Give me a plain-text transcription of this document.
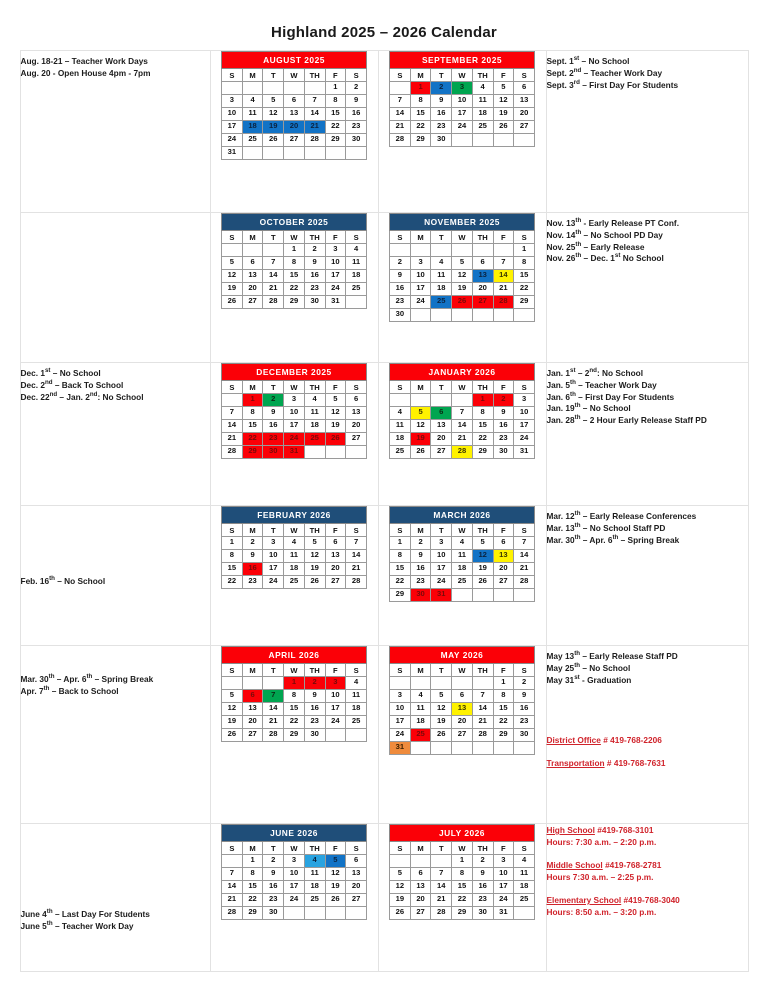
Highland 2025 – 2026 Calendar
Aug. 18-21 – Teacher Work Days
Aug. 20 - Open House 4pm - 7pm

AUGUST 2025
S	M	T	W	TH	F	S
					1	2
3	4	5	6	7	8	9
10	11	12	13	14	15	16
17	18	19	20	21	22	23
24	25	26	27	28	29	30
31						

SEPTEMBER 2025
S	M	T	W	TH	F	S
	1	2	3	4	5	6
7	8	9	10	11	12	13
14	15	16	17	18	19	20
21	22	23	24	25	26	27
28	29	30				

Sept. 1st – No School
Sept. 2nd – Teacher Work Day
Sept. 3rd – First Day For Students

OCTOBER 2025
S	M	T	W	TH	F	S
			1	2	3	4
5	6	7	8	9	10	11
12	13	14	15	16	17	18
19	20	21	22	23	24	25
26	27	28	29	30	31	

NOVEMBER 2025
S	M	T	W	TH	F	S
						1
2	3	4	5	6	7	8
9	10	11	12	13	14	15
16	17	18	19	20	21	22
23	24	25	26	27	28	29
30						

Nov. 13th - Early Release PT Conf.
Nov. 14th – No School PD Day
Nov. 25th – Early Release
Nov. 26th – Dec. 1st No School

Dec. 1st – No School
Dec. 2nd – Back To School
Dec. 22nd – Jan. 2nd: No School

DECEMBER 2025
S	M	T	W	TH	F	S
	1	2	3	4	5	6
7	8	9	10	11	12	13
14	15	16	17	18	19	20
21	22	23	24	25	26	27
28	29	30	31			

JANUARY 2026
S	M	T	W	TH	F	S
				1	2	3
4	5	6	7	8	9	10
11	12	13	14	15	16	17
18	19	20	21	22	23	24
25	26	27	28	29	30	31

Jan. 1st – 2nd: No School
Jan. 5th – Teacher Work Day
Jan. 6th – First Day For Students
Jan. 19th – No School
Jan. 28th – 2 Hour Early Release Staff PD

Feb. 16th – No School

FEBRUARY 2026
S	M	T	W	TH	F	S
1	2	3	4	5	6	7
8	9	10	11	12	13	14
15	16	17	18	19	20	21
22	23	24	25	26	27	28

MARCH 2026
S	M	T	W	TH	F	S
1	2	3	4	5	6	7
8	9	10	11	12	13	14
15	16	17	18	19	20	21
22	23	24	25	26	27	28
29	30	31				

Mar. 12th – Early Release Conferences
Mar. 13th – No School Staff PD
Mar. 30th – Apr. 6th – Spring Break

Mar. 30th – Apr. 6th – Spring Break
Apr. 7th – Back to School

APRIL 2026
S	M	T	W	TH	F	S
			1	2	3	4
5	6	7	8	9	10	11
12	13	14	15	16	17	18
19	20	21	22	23	24	25
26	27	28	29	30		

MAY 2026
S	M	T	W	TH	F	S
					1	2
3	4	5	6	7	8	9
10	11	12	13	14	15	16
17	18	19	20	21	22	23
24	25	26	27	28	29	30
31						

May 13th – Early Release Staff PD
May 25th – No School
May 31st - Graduation
District Office # 419-768-2206
Transportation # 419-768-7631

June 4th – Last Day For Students
June 5th – Teacher Work Day

JUNE 2026
S	M	T	W	TH	F	S
	1	2	3	4	5	6
7	8	9	10	11	12	13
14	15	16	17	18	19	20
21	22	23	24	25	26	27
28	29	30				

JULY 2026
S	M	T	W	TH	F	S
			1	2	3	4
5	6	7	8	9	10	11
12	13	14	15	16	17	18
19	20	21	22	23	24	25
26	27	28	29	30	31	

High School #419-768-3101
Hours: 7:30 a.m. – 2:20 p.m.
Middle School #419-768-2781
Hours 7:30 a.m. – 2:25 p.m.
Elementary School #419-768-3040
Hours: 8:50 a.m. – 3:20 p.m.
